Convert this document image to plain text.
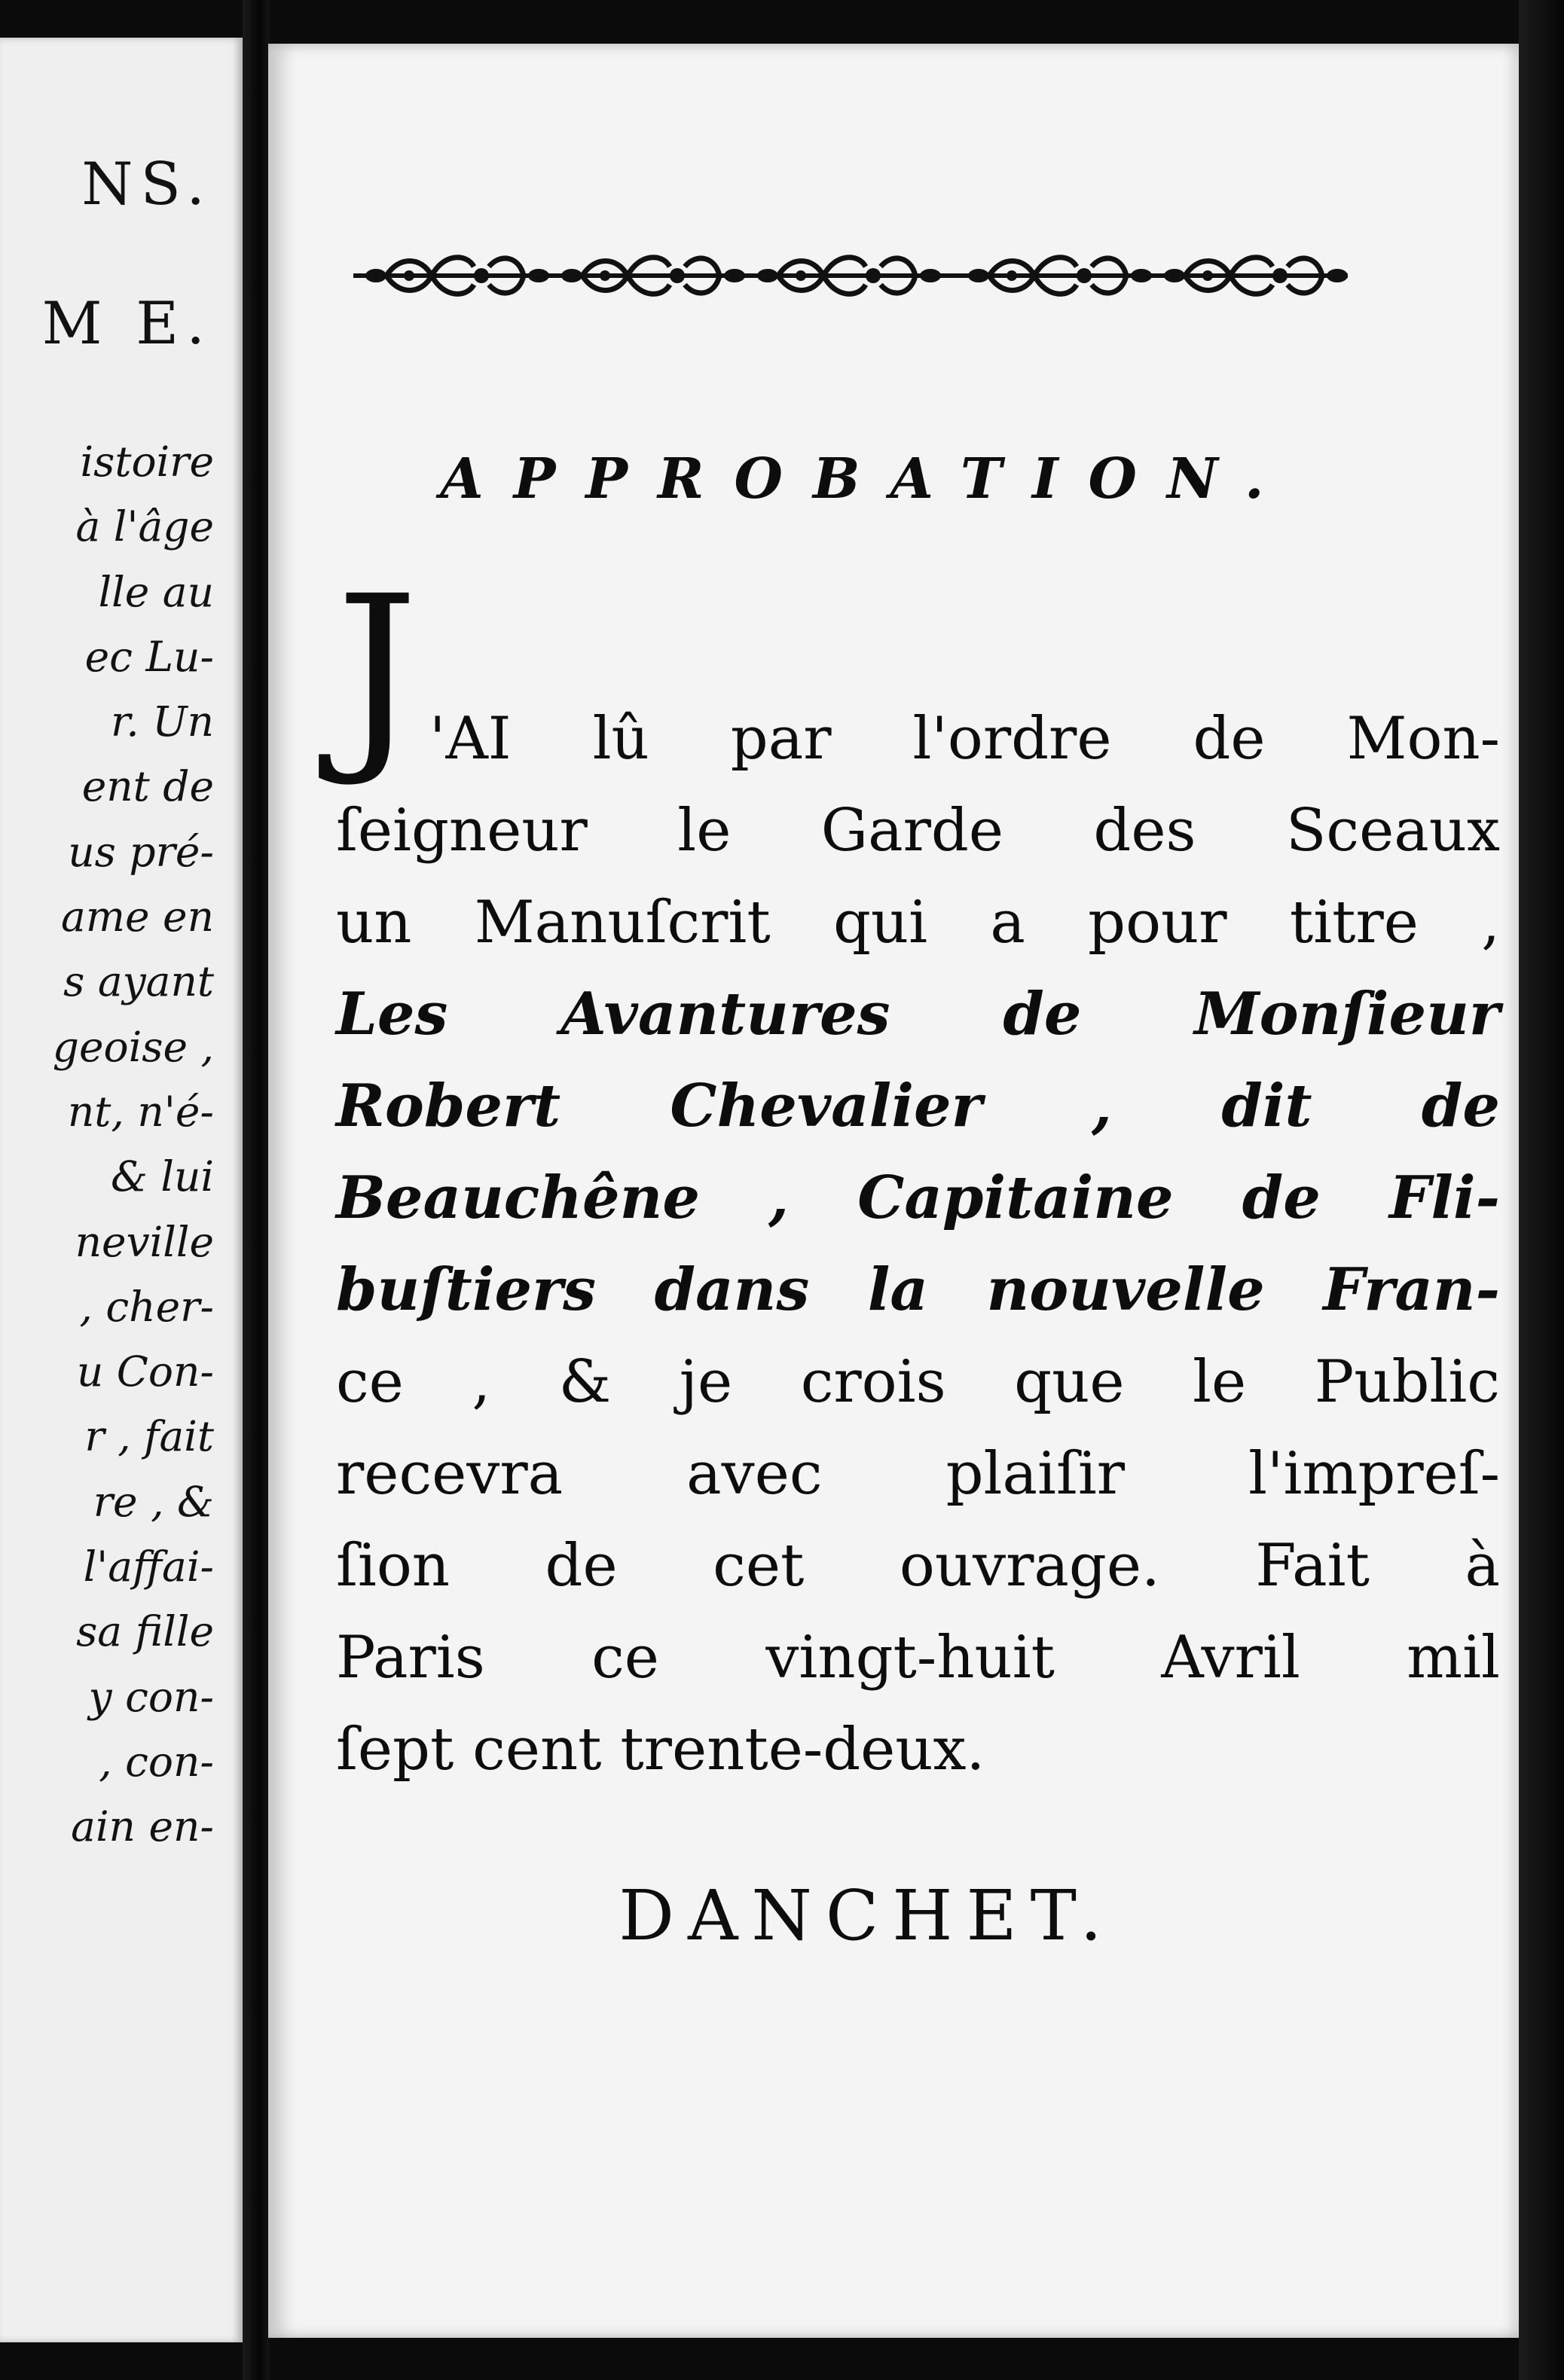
NS.
M E.
istoire
à l'âge
lle au
ec Lu-
r. Un
ent de
us pré-
ame en
s ayant
geoise ,
nt, n'é-
& lui
neville
, cher-
u Con-
r , fait
re , &
l'affai-
sa fille
y con-
, con-
ain en-
APPROBATION.
J 'AI lû par l'ordre de Mon-
ſeigneur le Garde des Sceaux
un Manuſcrit qui a pour titre ,
Les Avantures de Monſieur
Robert Chevalier , dit de
Beauchêne , Capitaine de Fli-
buſtiers dans la nouvelle Fran-
ce , & je crois que le Public
recevra avec plaiſir l'impreſ-
ſion de cet ouvrage. Fait à
Paris ce vingt-huit Avril mil
ſept cent trente-deux.
DANCHET.
